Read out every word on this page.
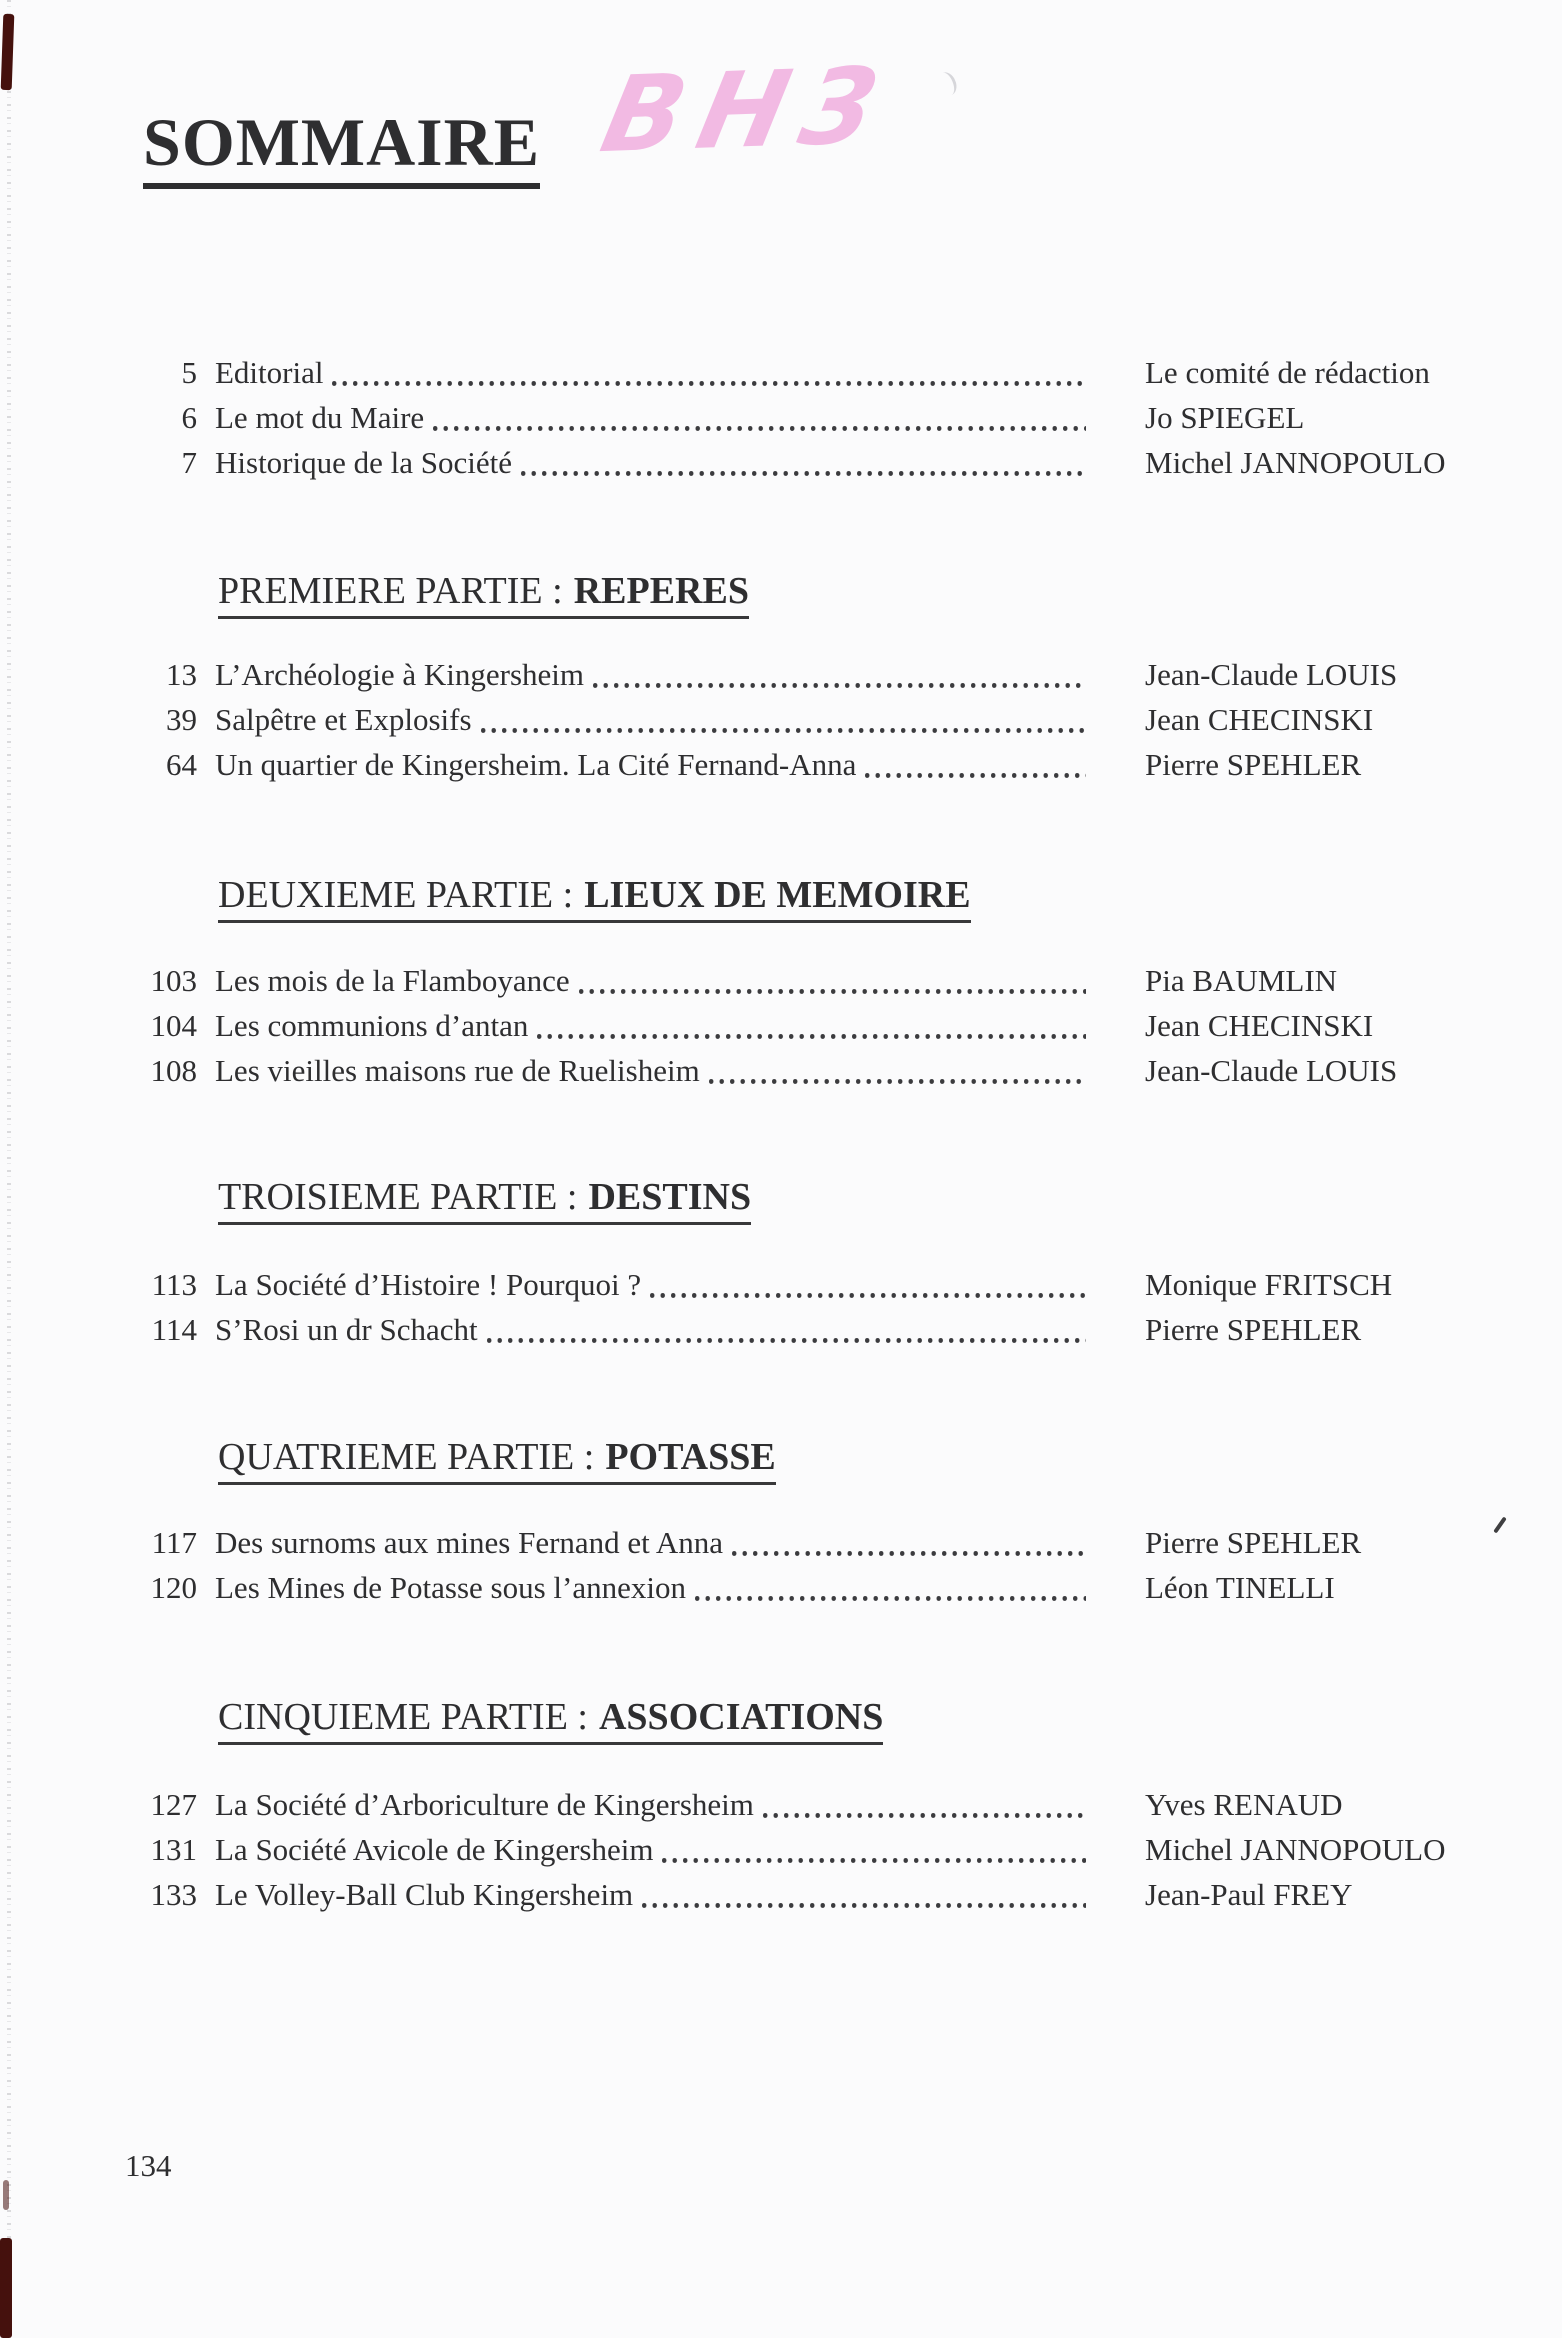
SOMMAIRE BH3
5 Editorial	Le comité de rédaction
6 Le mot du Maire	Jo SPIEGEL
7 Historique de la Société	Michel JANNOPOULO
PREMIERE PARTIE : REPERES
13 L’Archéologie à Kingersheim	Jean-Claude LOUIS
39 Salpêtre et Explosifs	Jean CHECINSKI
64 Un quartier de Kingersheim. La Cité Fernand-Anna	Pierre SPEHLER
DEUXIEME PARTIE : LIEUX DE MEMOIRE
103 Les mois de la Flamboyance	Pia BAUMLIN
104 Les communions d’antan	Jean CHECINSKI
108 Les vieilles maisons rue de Ruelisheim	Jean-Claude LOUIS
TROISIEME PARTIE : DESTINS
113 La Société d’Histoire ! Pourquoi ?	Monique FRITSCH
114 S’Rosi un dr Schacht	Pierre SPEHLER
QUATRIEME PARTIE : POTASSE
117 Des surnoms aux mines Fernand et Anna	Pierre SPEHLER
120 Les Mines de Potasse sous l’annexion	Léon TINELLI
CINQUIEME PARTIE : ASSOCIATIONS
127 La Société d’Arboriculture de Kingersheim	Yves RENAUD
131 La Société Avicole de Kingersheim	Michel JANNOPOULO
133 Le Volley-Ball Club Kingersheim	Jean-Paul FREY
134
